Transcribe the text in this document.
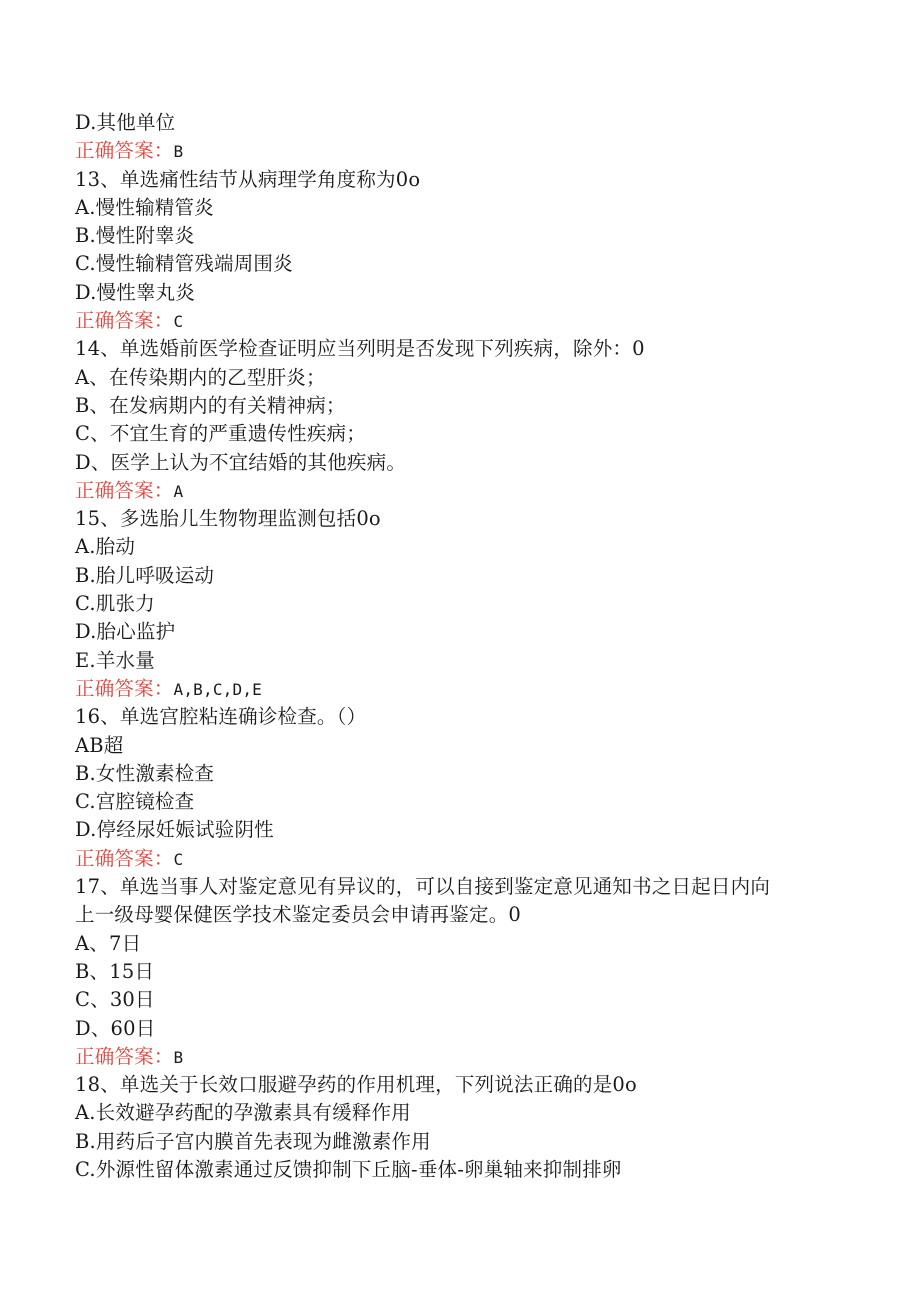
D.其他单位
正确答案：B
13、单选痛性结节从病理学角度称为0o
A.慢性输精管炎
B.慢性附睾炎
C.慢性输精管残端周围炎
D.慢性睾丸炎
正确答案：C
14、单选婚前医学检查证明应当列明是否发现下列疾病，除外：0
A、在传染期内的乙型肝炎；
B、在发病期内的有关精神病；
C、不宜生育的严重遗传性疾病；
D、医学上认为不宜结婚的其他疾病。
正确答案：A
15、多选胎儿生物物理监测包括0o
A.胎动
B.胎儿呼吸运动
C.肌张力
D.胎心监护
E.羊水量
正确答案：A,B,C,D,E
16、单选宫腔粘连确诊检查。（）
AB超
B.女性激素检查
C.宫腔镜检查
D.停经尿妊娠试验阴性
正确答案：C
17、单选当事人对鉴定意见有异议的，可以自接到鉴定意见通知书之日起日内向
上一级母婴保健医学技术鉴定委员会申请再鉴定。0
A、7日
B、15日
C、30日
D、60日
正确答案：B
18、单选关于长效口服避孕药的作用机理，下列说法正确的是0o
A.长效避孕药配的孕激素具有缓释作用
B.用药后子宫内膜首先表现为雌激素作用
C.外源性留体激素通过反馈抑制下丘脑-垂体-卵巢轴来抑制排卵
